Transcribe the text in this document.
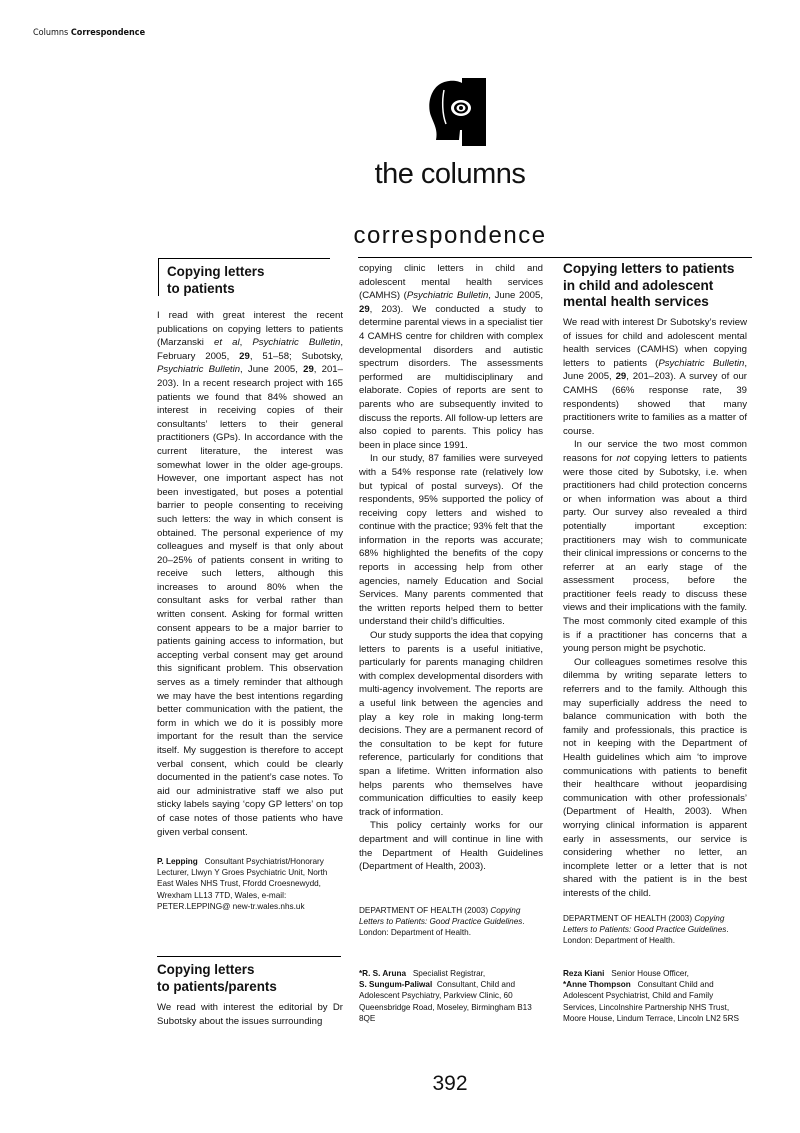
Columns Correspondence
the columns
correspondence
Copying letters
to patients

I read with great interest the recent publications on copying letters to patients (Marzanski et al, Psychiatric Bulletin, February 2005, 29, 51–58; Subotsky, Psychiatric Bulletin, June 2005, 29, 201–203). In a recent research project with 165 patients we found that 84% showed an interest in receiving copies of their consultants’ letters to their general practitioners (GPs). In accordance with the current literature, the interest was somewhat lower in the older age-groups. However, one important aspect has not been investigated, but poses a potential barrier to people consenting to receiving such letters: the way in which consent is obtained. The personal experience of my colleagues and myself is that only about 20–25% of patients consent in writing to receive such letters, although this increases to around 80% when the consultant asks for verbal rather than written consent. Asking for formal written consent appears to be a major barrier to patients gaining access to information, but accepting verbal consent may get around this significant problem. This observation serves as a timely reminder that although we may have the best intentions regarding better communication with the patient, the form in which we do it is possibly more important for the result than the service itself. My suggestion is therefore to accept verbal consent, which could be clearly documented in the patient’s case notes. To aid our administrative staff we also put sticky labels saying ‘copy GP letters’ on top of case notes of those patients who have given verbal consent.

P. Lepping Consultant Psychiatrist/Honorary Lecturer, Llwyn Y Groes Psychiatric Unit, North East Wales NHS Trust, Ffordd Croesnewydd, Wrexham LL13 7TD, Wales, e-mail: PETER.LEPPING@ new-tr.wales.nhs.uk
Copying letters
to patients/parents

We read with interest the editorial by Dr Subotsky about the issues surrounding

copying clinic letters in child and adolescent mental health services (CAMHS) (Psychiatric Bulletin, June 2005, 29, 203). We conducted a study to determine parental views in a specialist tier 4 CAMHS centre for children with complex developmental disorders and autistic spectrum disorders. The assessments performed are multidisciplinary and elaborate. Copies of reports are sent to parents who are subsequently invited to discuss the reports. All follow-up letters are also copied to parents. This policy has been in place since 1991.

In our study, 87 families were surveyed with a 54% response rate (relatively low but typical of postal surveys). Of the respondents, 95% supported the policy of receiving copy letters and wished to continue with the practice; 93% felt that the information in the reports was accurate; 68% highlighted the benefits of the copy reports in accessing help from other agencies, namely Education and Social Services. Many parents commented that the written reports helped them to better understand their child’s difficulties.

Our study supports the idea that copying letters to parents is a useful initiative, particularly for parents managing children with complex developmental disorders with multi-agency involvement. The reports are a useful link between the agencies and play a key role in making long-term decisions. They are a permanent record of the consultation to be kept for future reference, particularly for conditions that span a lifetime. Written information also helps parents who themselves have communication difficulties to easily keep track of information.

This policy certainly works for our department and will continue in line with the Department of Health Guidelines (Department of Health, 2003).

DEPARTMENT OF HEALTH (2003) Copying Letters to Patients: Good Practice Guidelines. London: Department of Health.
*R. S. Aruna Specialist Registrar,
S. Sungum-Paliwal Consultant, Child and Adolescent Psychiatry, Parkview Clinic, 60 Queensbridge Road, Moseley, Birmingham B13 8QE
Copying letters to patients
in child and adolescent
mental health services

We read with interest Dr Subotsky’s review of issues for child and adolescent mental health services (CAMHS) when copying letters to patients (Psychiatric Bulletin, June 2005, 29, 201–203). A survey of our CAMHS (66% response rate, 39 respondents) showed that many practitioners write to families as a matter of course.

In our service the two most common reasons for not copying letters to patients were those cited by Subotsky, i.e. when practitioners had child protection concerns or when information was about a third party. Our survey also revealed a third potentially important exception: practitioners may wish to communicate their clinical impressions or concerns to the referrer at an early stage of the assessment process, before the practitioner feels ready to discuss these views and their implications with the family. The most commonly cited example of this is if a practitioner has concerns that a young person might be psychotic.

Our colleagues sometimes resolve this dilemma by writing separate letters to referrers and to the family. Although this may superficially address the need to balance communication with both the family and professionals, this practice is not in keeping with the Department of Health guidelines which aim ‘to improve communications with patients to benefit their healthcare without jeopardising communication with other professionals’ (Department of Health, 2003). When worrying clinical information is apparent early in assessments, our service is considering whether no letter, an incomplete letter or a letter that is not shared with the patient is in the best interests of the child.

DEPARTMENT OF HEALTH (2003) Copying Letters to Patients: Good Practice Guidelines. London: Department of Health.
Reza Kiani Senior House Officer,
*Anne Thompson Consultant Child and Adolescent Psychiatrist, Child and Family Services, Lincolnshire Partnership NHS Trust, Moore House, Lindum Terrace, Lincoln LN2 5RS
392
